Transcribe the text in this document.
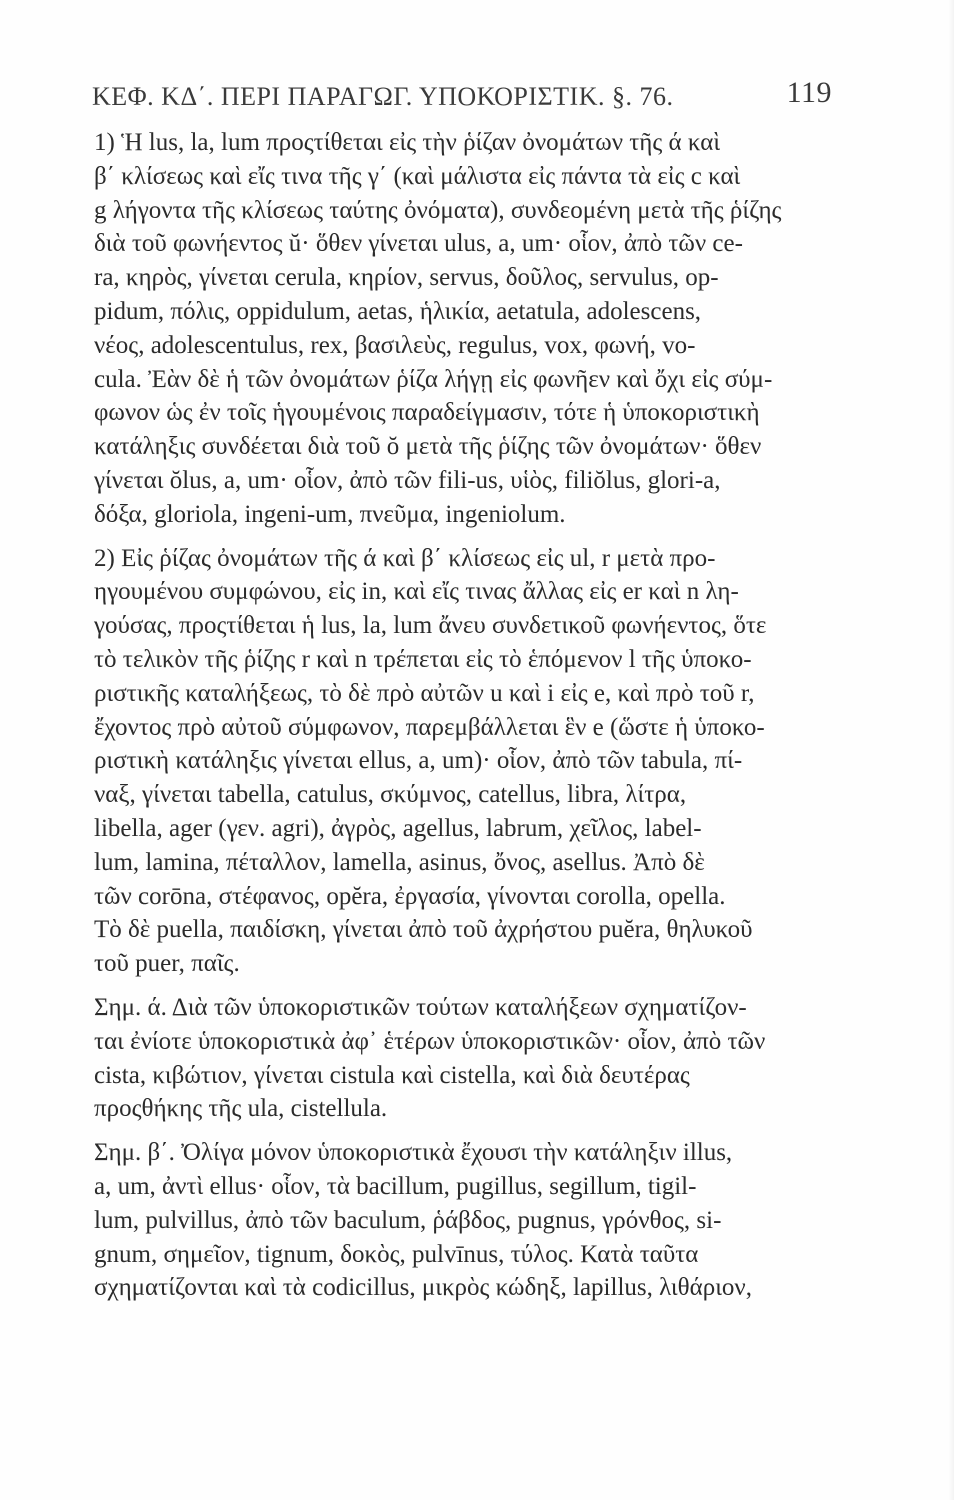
ΚΕΦ. ΚΔ΄. ΠΕΡΙ ΠΑΡΑΓΩΓ. ΥΠΟΚΟΡΙΣΤΙΚ. §. 76.	119
1) Ἡ lus, la, lum προςτίθεται εἰς τὴν ῥίζαν ὀνομάτων τῆς ά καὶ
β΄ κλίσεως καὶ εἴς τινα τῆς γ΄ (καὶ μάλιστα εἰς πάντα τὰ εἰς c καὶ
g λήγοντα τῆς κλίσεως ταύτης ὀνόματα), συνδεομένη μετὰ τῆς ῥίζης
διὰ τοῦ φωνήεντος ŭ· ὅθεν γίνεται ulus, a, um· οἷον, ἀπὸ τῶν ce-
ra, κηρὸς, γίνεται cerula, κηρίον, servus, δοῦλος, servulus, op-
pidum, πόλις, oppidulum, aetas, ἡλικία, aetatula, adolescens,
νέος, adolescentulus, rex, βασιλεὺς, regulus, vox, φωνή, vo-
cula. Ἐὰν δὲ ἡ τῶν ὀνομάτων ῥίζα λήγῃ εἰς φωνῆεν καὶ ὄχι εἰς σύμ-
φωνον ὡς ἐν τοῖς ἡγουμένοις παραδείγμασιν, τότε ἡ ὑποκοριστικὴ
κατάληξις συνδέεται διὰ τοῦ ŏ μετὰ τῆς ῥίζης τῶν ὀνομάτων· ὅθεν
γίνεται ŏlus, a, um· οἷον, ἀπὸ τῶν fili-us, υἱὸς, filiŏlus, glori-a,
δόξα, gloriola, ingeni-um, πνεῦμα, ingeniolum.
2) Εἰς ῥίζας ὀνομάτων τῆς ά καὶ β΄ κλίσεως εἰς ul, r μετὰ προ-
ηγουμένου συμφώνου, εἰς in, καὶ εἴς τινας ἄλλας εἰς er καὶ n λη-
γούσας, προςτίθεται ἡ lus, la, lum ἄνευ συνδετικοῦ φωνήεντος, ὅτε
τὸ τελικὸν τῆς ῥίζης r καὶ n τρέπεται εἰς τὸ ἑπόμενον l τῆς ὑποκο-
ριστικῆς καταλήξεως, τὸ δὲ πρὸ αὐτῶν u καὶ i εἰς e, καὶ πρὸ τοῦ r,
ἔχοντος πρὸ αὐτοῦ σύμφωνον, παρεμβάλλεται ἓν e (ὥστε ἡ ὑποκο-
ριστικὴ κατάληξις γίνεται ellus, a, um)· οἷον, ἀπὸ τῶν tabula, πί-
ναξ, γίνεται tabella, catulus, σκύμνος, catellus, libra, λίτρα,
libella, ager (γεν. agri), ἀγρὸς, agellus, labrum, χεῖλος, label-
lum, lamina, πέταλλον, lamella, asinus, ὄνος, asellus. Ἀπὸ δὲ
τῶν corōna, στέφανος, opĕra, ἐργασία, γίνονται corolla, opella.
Τὸ δὲ puella, παιδίσκη, γίνεται ἀπὸ τοῦ ἀχρήστου puĕra, θηλυκοῦ
τοῦ puer, παῖς.
Σημ. ά. Διὰ τῶν ὑποκοριστικῶν τούτων καταλήξεων σχηματίζον-
ται ἐνίοτε ὑποκοριστικὰ ἀφ᾽ ἑτέρων ὑποκοριστικῶν· οἷον, ἀπὸ τῶν
cista, κιβώτιον, γίνεται cistula καὶ cistella, καὶ διὰ δευτέρας
προςθήκης τῆς ula, cistellula.
Σημ. β΄. Ὀλίγα μόνον ὑποκοριστικὰ ἔχουσι τὴν κατάληξιν illus,
a, um, ἀντὶ ellus· οἷον, τὰ bacillum, pugillus, segillum, tigil-
lum, pulvillus, ἀπὸ τῶν baculum, ῥάβδος, pugnus, γρόνθος, si-
gnum, σημεῖον, tignum, δοκὸς, pulvīnus, τύλος. Κατὰ ταῦτα
σχηματίζονται καὶ τὰ codicillus, μικρὸς κώδηξ, lapillus, λιθάριον,
